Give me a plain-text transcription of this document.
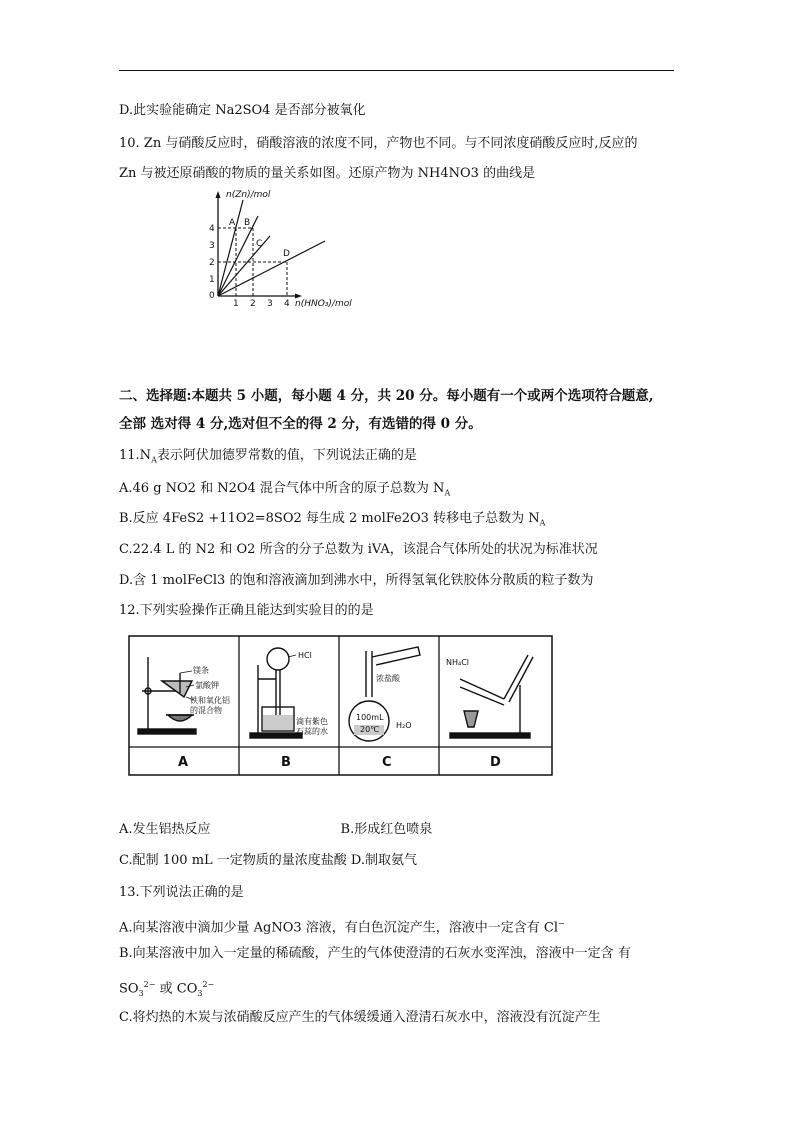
D.此实验能确定 Na2SO4 是否部分被氧化
10. Zn 与硝酸反应时，硝酸溶液的浓度不同，产物也不同。与不同浓度硝酸反应时,反应的
Zn 与被还原硝酸的物质的量关系如图。还原产物为 NH4NO3 的曲线是
n(Zn)/mol
0
1
2
3
4
1 2 3 4 n(HNO₃)/mol
A B
C
D
二、选择题:本题共 5 小题，每小题 4 分，共 20 分。每小题有一个或两个选项符合题意,
全部 选对得 4 分,选对但不全的得 2 分，有选错的得 0 分。
$11.N_A$表示阿伏加德罗常数的值，下列说法正确的是
A.46 g NO2 和 N2O4 混合气体中所含的原子总数为 $N_A$
B.反应 4FeS2 +11O2=8SO2 每生成 2 molFe2O3 转移电子总数为 $N_A$
C.22.4 L 的 N2 和 O2 所含的分子总数为 iVA，该混合气体所处的状况为标准状况
D.含 1 molFeCl3 的饱和溶液滴加到沸水中，所得氢氧化铁胶体分散质的粒子数为
12.下列实验操作正确且能达到实验目的的是
镁条
氯酸钾
铁和氧化铝
的混合物
HCl
滴有紫色
石蕊的水
浓盐酸
100mL
20℃ H₂O
NH₄Cl
A	B	C	D
A.发生铝热反应	B.形成红色喷泉
C.配制 100 mL 一定物质的量浓度盐酸 D.制取氨气
13.下列说法正确的是
A.向某溶液中滴加少量 AgNO3 溶液，有白色沉淀产生，溶液中一定含有 Cl−
B.向某溶液中加入一定量的稀硫酸，产生的气体使澄清的石灰水变浑浊，溶液中一定含 有
$SO_3^{2-}$ 或 $CO_3^{2-}$
C.将灼热的木炭与浓硝酸反应产生的气体缓缓通入澄清石灰水中，溶液没有沉淀产生
